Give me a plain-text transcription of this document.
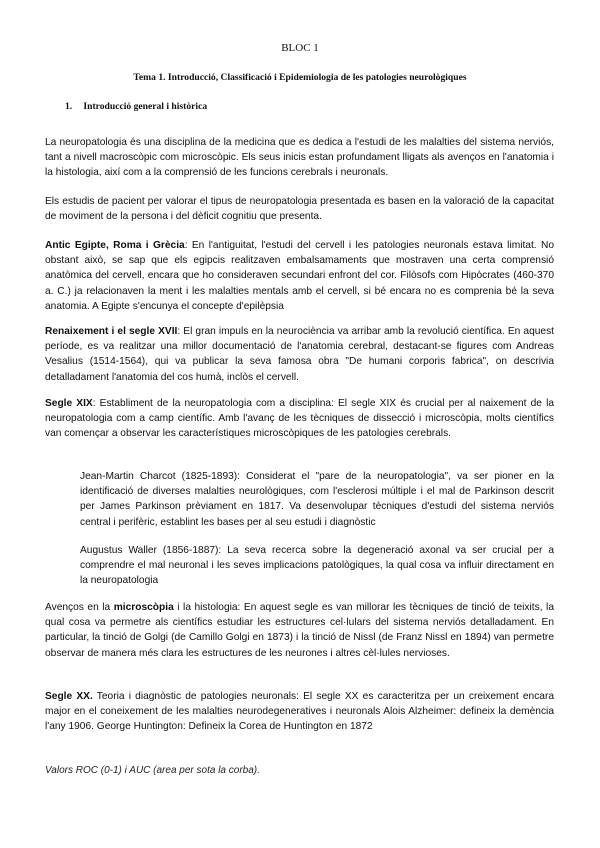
BLOC 1
Tema 1. Introducció, Classificació i Epidemiologia de les patologies neurològiques
1. Introducció general i històrica

La neuropatologia és una disciplina de la medicina que es dedica a l'estudi de les malalties del sistema nerviós, tant a nivell macroscòpic com microscòpic. Els seus inicis estan profundament lligats als avenços en l'anatomia i la histologia, així com a la comprensió de les funcions cerebrals i neuronals.

Els estudis de pacient per valorar el tipus de neuropatologia presentada es basen en la valoració de la capacitat de moviment de la persona i del dèficit cognitiu que presenta.

Antic Egipte, Roma i Grècia: En l'antiguitat, l'estudi del cervell i les patologies neuronals estava limitat. No obstant això, se sap que els egipcis realitzaven embalsamaments que mostraven una certa comprensió anatòmica del cervell, encara que ho consideraven secundari enfront del cor. Filòsofs com Hipòcrates (460-370 a. C.) ja relacionaven la ment i les malalties mentals amb el cervell, si bé encara no es comprenia bé la seva anatomia. A Egipte s'encunya el concepte d'epilèpsia

Renaixement i el segle XVII: El gran impuls en la neurociència va arribar amb la revolució científica. En aquest període, es va realitzar una millor documentació de l'anatomia cerebral, destacant-se figures com Andreas Vesalius (1514-1564), qui va publicar la seva famosa obra "De humani corporis fabrica", on descrivia detalladament l'anatomia del cos humà, inclòs el cervell.

Segle XIX: Establiment de la neuropatologia com a disciplina: El segle XIX és crucial per al naixement de la neuropatologia com a camp científic. Amb l'avanç de les tècniques de dissecció i microscòpia, molts científics van començar a observar les característiques microscòpiques de les patologies cerebrals.

Jean-Martin Charcot (1825-1893): Considerat el "pare de la neuropatologia", va ser pioner en la identificació de diverses malalties neurològiques, com l'esclerosi múltiple i el mal de Parkinson descrit per James Parkinson prèviament en 1817. Va desenvolupar tècniques d'estudi del sistema nerviós central i perifèric, establint les bases per al seu estudi i diagnòstic

Augustus Waller (1856-1887): La seva recerca sobre la degeneració axonal va ser crucial per a comprendre el mal neuronal i les seves implicacions patològiques, la qual cosa va influir directament en la neuropatologia

Avenços en la microscòpia i la histologia: En aquest segle es van millorar les tècniques de tinció de teixits, la qual cosa va permetre als científics estudiar les estructures cel·lulars del sistema nerviós detalladament. En particular, la tinció de Golgi (de Camillo Golgi en 1873) i la tinció de Nissl (de Franz Nissl en 1894) van permetre observar de manera més clara les estructures de les neurones i altres cèl·lules nervioses.

Segle XX. Teoria i diagnòstic de patologies neuronals: El segle XX es caracteritza per un creixement encara major en el coneixement de les malalties neurodegeneratives i neuronals Alois Alzheimer: defineix la demència l'any 1906. George Huntington: Defineix la Corea de Huntington en 1872

Valors ROC (0-1) i AUC (area per sota la corba).
